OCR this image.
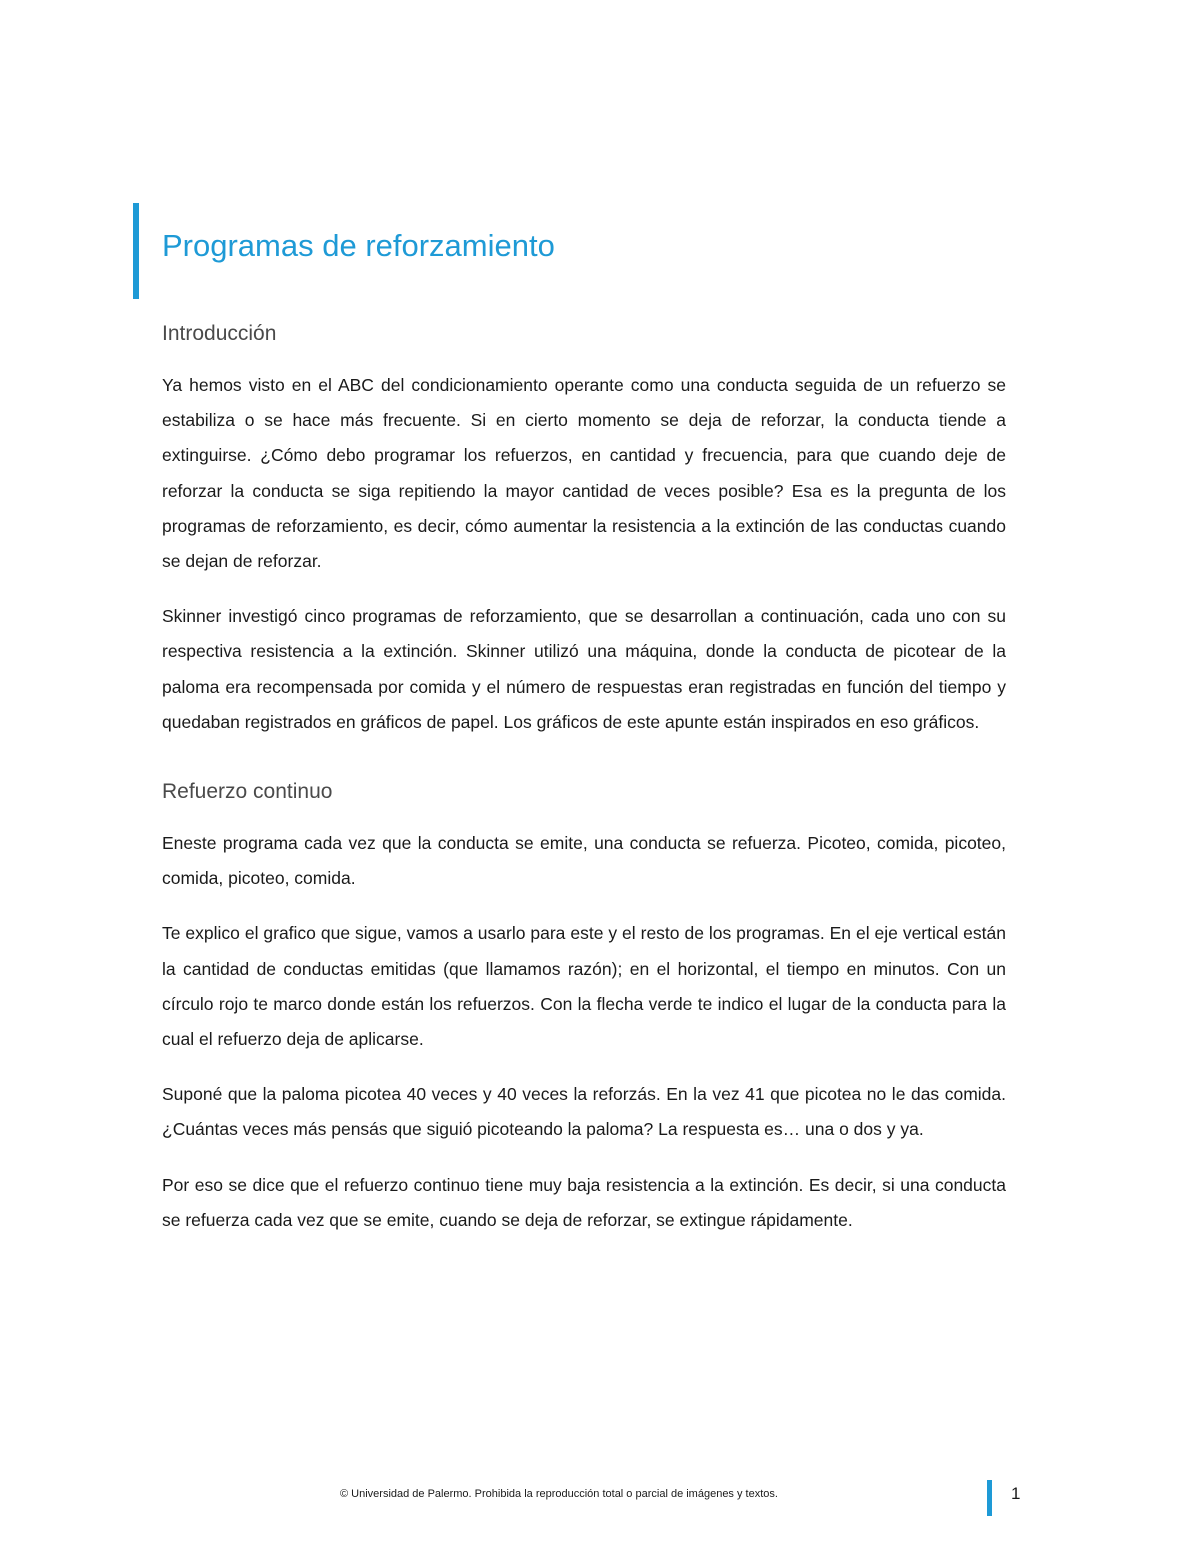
Programas de reforzamiento
Introducción

Ya hemos visto en el ABC del condicionamiento operante como una conducta seguida de un refuerzo se estabiliza o se hace más frecuente. Si en cierto momento se deja de reforzar, la conducta tiende a extinguirse. ¿Cómo debo programar los refuerzos, en cantidad y frecuencia, para que cuando deje de reforzar la conducta se siga repitiendo la mayor cantidad de veces posible? Esa es la pregunta de los programas de reforzamiento, es decir, cómo aumentar la resistencia a la extinción de las conductas cuando se dejan de reforzar.

Skinner investigó cinco programas de reforzamiento, que se desarrollan a continuación, cada uno con su respectiva resistencia a la extinción. Skinner utilizó una máquina, donde la conducta de picotear de la paloma era recompensada por comida y el número de respuestas eran registradas en función del tiempo y quedaban registrados en gráficos de papel. Los gráficos de este apunte están inspirados en eso gráficos.

Refuerzo continuo

Eneste programa cada vez que la conducta se emite, una conducta se refuerza. Picoteo, comida, picoteo, comida, picoteo, comida.

Te explico el grafico que sigue, vamos a usarlo para este y el resto de los programas. En el eje vertical están la cantidad de conductas emitidas (que llamamos razón); en el horizontal, el tiempo en minutos. Con un círculo rojo te marco donde están los refuerzos. Con la flecha verde te indico el lugar de la conducta para la cual el refuerzo deja de aplicarse.

Suponé que la paloma picotea 40 veces y 40 veces la reforzás. En la vez 41 que picotea no le das comida. ¿Cuántas veces más pensás que siguió picoteando la paloma? La respuesta es… una o dos y ya.

Por eso se dice que el refuerzo continuo tiene muy baja resistencia a la extinción. Es decir, si una conducta se refuerza cada vez que se emite, cuando se deja de reforzar, se extingue rápidamente.

© Universidad de Palermo. Prohibida la reproducción total o parcial de imágenes y textos.	1
